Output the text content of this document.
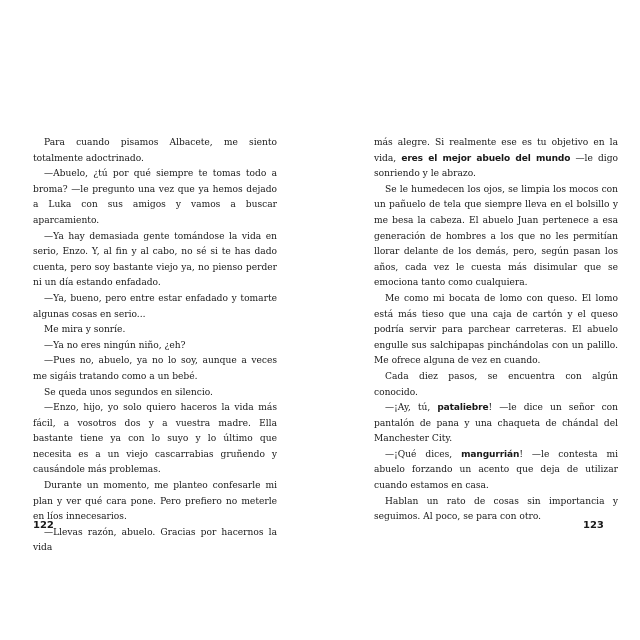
Para cuando pisamos Albacete, me siento totalmente adoctrinado.

—Abuelo, ¿tú por qué siempre te tomas todo a broma? —le pregunto una vez que ya hemos dejado a Luka con sus amigos y vamos a buscar aparcamiento.

—Ya hay demasiada gente tomándose la vida en serio, Enzo. Y, al fin y al cabo, no sé si te has dado cuenta, pero soy bastante viejo ya, no pienso perder ni un día estando enfadado.

—Ya, bueno, pero entre estar enfadado y tomarte algunas cosas en serio...

Me mira y sonríe.

—Ya no eres ningún niño, ¿eh?

—Pues no, abuelo, ya no lo soy, aunque a veces me sigáis tratando como a un bebé.

Se queda unos segundos en silencio.

—Enzo, hijo, yo solo quiero haceros la vida más fácil, a vosotros dos y a vuestra madre. Ella bastante tiene ya con lo suyo y lo último que necesita es a un viejo cascarrabias gruñendo y causándole más problemas.

Durante un momento, me planteo confesarle mi plan y ver qué cara pone. Pero prefiero no meterle en líos innecesarios.

—Llevas razón, abuelo. Gracias por hacernos la vida

más alegre. Si realmente ese es tu objetivo en la vida, eres el mejor abuelo del mundo —le digo sonriendo y le abrazo.

Se le humedecen los ojos, se limpia los mocos con un pañuelo de tela que siempre lleva en el bolsillo y me besa la cabeza. El abuelo Juan pertenece a esa generación de hombres a los que no les permitían llorar delante de los demás, pero, según pasan los años, cada vez le cuesta más disimular que se emociona tanto como cualquiera.

Me como mi bocata de lomo con queso. El lomo está más tieso que una caja de cartón y el queso podría servir para parchear carreteras. El abuelo engulle sus salchipapas pinchándolas con un palillo. Me ofrece alguna de vez en cuando.

Cada diez pasos, se encuentra con algún conocido.

—¡Ay, tú, pataliebre! —le dice un señor con pantalón de pana y una chaqueta de chándal del Manchester City.

—¡Qué dices, mangurrián! —le contesta mi abuelo forzando un acento que deja de utilizar cuando estamos en casa.

Hablan un rato de cosas sin importancia y seguimos. Al poco, se para con otro.

122	123
